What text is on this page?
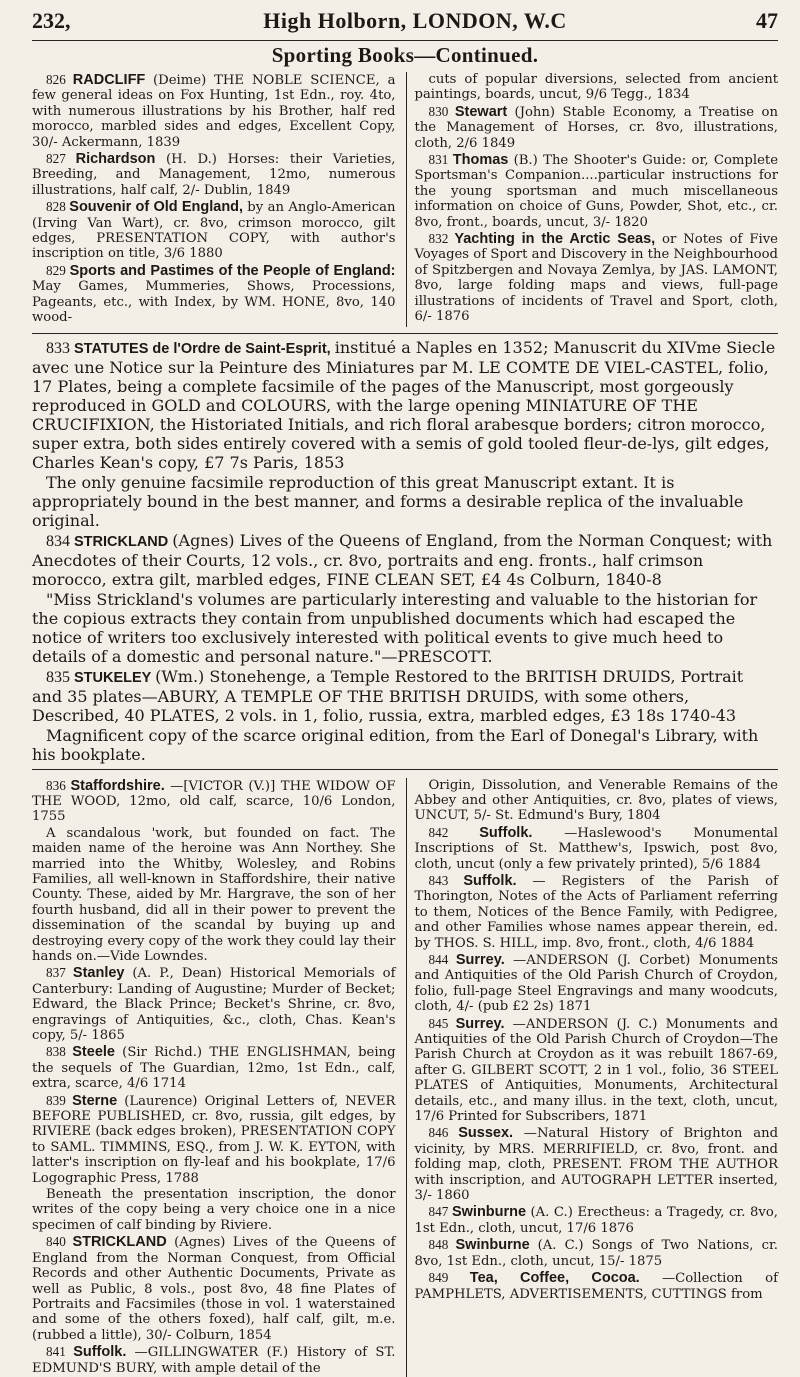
232,	High Holborn, LONDON, W.C	47
Sporting Books—Continued.

826 RADCLIFF (Deime) THE NOBLE SCIENCE, a few general ideas on Fox Hunting, 1st Edn., roy. 4to, with numerous illustrations by his Brother, half red morocco, marbled sides and edges, Excellent Copy, 30/- Ackermann, 1839

827 Richardson (H. D.) Horses: their Varieties, Breeding, and Management, 12mo, numerous illustrations, half calf, 2/- Dublin, 1849

828 Souvenir of Old England, by an Anglo-American (Irving Van Wart), cr. 8vo, crimson morocco, gilt edges, PRESENTATION COPY, with author's inscription on title, 3/6 1880

829 Sports and Pastimes of the People of England: May Games, Mummeries, Shows, Processions, Pageants, etc., with Index, by WM. HONE, 8vo, 140 wood-

cuts of popular diversions, selected from ancient paintings, boards, uncut, 9/6 Tegg., 1834

830 Stewart (John) Stable Economy, a Treatise on the Management of Horses, cr. 8vo, illustrations, cloth, 2/6 1849

831 Thomas (B.) The Shooter's Guide: or, Complete Sportsman's Companion....particular instructions for the young sportsman and much miscellaneous information on choice of Guns, Powder, Shot, etc., cr. 8vo, front., boards, uncut, 3/- 1820

832 Yachting in the Arctic Seas, or Notes of Five Voyages of Sport and Discovery in the Neighbourhood of Spitzbergen and Novaya Zemlya, by JAS. LAMONT, 8vo, large folding maps and views, full-page illustrations of incidents of Travel and Sport, cloth, 6/- 1876

833 STATUTES de l'Ordre de Saint-Esprit, institué a Naples en 1352; Manuscrit du XIVme Siecle avec une Notice sur la Peinture des Miniatures par M. LE COMTE DE VIEL-CASTEL, folio, 17 Plates, being a complete facsimile of the pages of the Manuscript, most gorgeously reproduced in GOLD and COLOURS, with the large opening MINIATURE OF THE CRUCIFIXION, the Historiated Initials, and rich floral arabesque borders; citron morocco, super extra, both sides entirely covered with a semis of gold tooled fleur-de-lys, gilt edges, Charles Kean's copy, £7 7s Paris, 1853

The only genuine facsimile reproduction of this great Manuscript extant. It is appropriately bound in the best manner, and forms a desirable replica of the invaluable original.

834 STRICKLAND (Agnes) Lives of the Queens of England, from the Norman Conquest; with Anecdotes of their Courts, 12 vols., cr. 8vo, portraits and eng. fronts., half crimson morocco, extra gilt, marbled edges, FINE CLEAN SET, £4 4s Colburn, 1840-8

"Miss Strickland's volumes are particularly interesting and valuable to the historian for the copious extracts they contain from unpublished documents which had escaped the notice of writers too exclusively interested with political events to give much heed to details of a domestic and personal nature."—PRESCOTT.

835 STUKELEY (Wm.) Stonehenge, a Temple Restored to the BRITISH DRUIDS, Portrait and 35 plates—ABURY, A TEMPLE OF THE BRITISH DRUIDS, with some others, Described, 40 PLATES, 2 vols. in 1, folio, russia, extra, marbled edges, £3 18s 1740-43

Magnificent copy of the scarce original edition, from the Earl of Donegal's Library, with his bookplate.

836 Staffordshire. —[VICTOR (V.)] THE WIDOW OF THE WOOD, 12mo, old calf, scarce, 10/6 London, 1755

A scandalous 'work, but founded on fact. The maiden name of the heroine was Ann Northey. She married into the Whitby, Wolesley, and Robins Families, all well-known in Staffordshire, their native County. These, aided by Mr. Hargrave, the son of her fourth husband, did all in their power to prevent the dissemination of the scandal by buying up and destroying every copy of the work they could lay their hands on.—Vide Lowndes.

837 Stanley (A. P., Dean) Historical Memorials of Canterbury: Landing of Augustine; Murder of Becket; Edward, the Black Prince; Becket's Shrine, cr. 8vo, engravings of Antiquities, &c., cloth, Chas. Kean's copy, 5/- 1865

838 Steele (Sir Richd.) THE ENGLISHMAN, being the sequels of The Guardian, 12mo, 1st Edn., calf, extra, scarce, 4/6 1714

839 Sterne (Laurence) Original Letters of, NEVER BEFORE PUBLISHED, cr. 8vo, russia, gilt edges, by RIVIERE (back edges broken), PRESENTATION COPY to SAML. TIMMINS, ESQ., from J. W. K. EYTON, with latter's inscription on fly-leaf and his bookplate, 17/6 Logographic Press, 1788

Beneath the presentation inscription, the donor writes of the copy being a very choice one in a nice specimen of calf binding by Riviere.

840 STRICKLAND (Agnes) Lives of the Queens of England from the Norman Conquest, from Official Records and other Authentic Documents, Private as well as Public, 8 vols., post 8vo, 48 fine Plates of Portraits and Facsimiles (those in vol. 1 waterstained and some of the others foxed), half calf, gilt, m.e. (rubbed a little), 30/- Colburn, 1854

841 Suffolk. —GILLINGWATER (F.) History of ST. EDMUND'S BURY, with ample detail of the

Origin, Dissolution, and Venerable Remains of the Abbey and other Antiquities, cr. 8vo, plates of views, UNCUT, 5/- St. Edmund's Bury, 1804

842 Suffolk. —Haslewood's Monumental Inscriptions of St. Matthew's, Ipswich, post 8vo, cloth, uncut (only a few privately printed), 5/6 1884

843 Suffolk. — Registers of the Parish of Thorington, Notes of the Acts of Parliament referring to them, Notices of the Bence Family, with Pedigree, and other Families whose names appear therein, ed. by THOS. S. HILL, imp. 8vo, front., cloth, 4/6 1884

844 Surrey. —ANDERSON (J. Corbet) Monuments and Antiquities of the Old Parish Church of Croydon, folio, full-page Steel Engravings and many woodcuts, cloth, 4/- (pub £2 2s) 1871

845 Surrey. —ANDERSON (J. C.) Monuments and Antiquities of the Old Parish Church of Croydon—The Parish Church at Croydon as it was rebuilt 1867-69, after G. GILBERT SCOTT, 2 in 1 vol., folio, 36 STEEL PLATES of Antiquities, Monuments, Architectural details, etc., and many illus. in the text, cloth, uncut, 17/6 Printed for Subscribers, 1871

846 Sussex. —Natural History of Brighton and vicinity, by MRS. MERRIFIELD, cr. 8vo, front. and folding map, cloth, PRESENT. FROM THE AUTHOR with inscription, and AUTOGRAPH LETTER inserted, 3/- 1860

847 Swinburne (A. C.) Erectheus: a Tragedy, cr. 8vo, 1st Edn., cloth, uncut, 17/6 1876

848 Swinburne (A. C.) Songs of Two Nations, cr. 8vo, 1st Edn., cloth, uncut, 15/- 1875

849 Tea, Coffee, Cocoa. —Collection of PAMPHLETS, ADVERTISEMENTS, CUTTINGS from
